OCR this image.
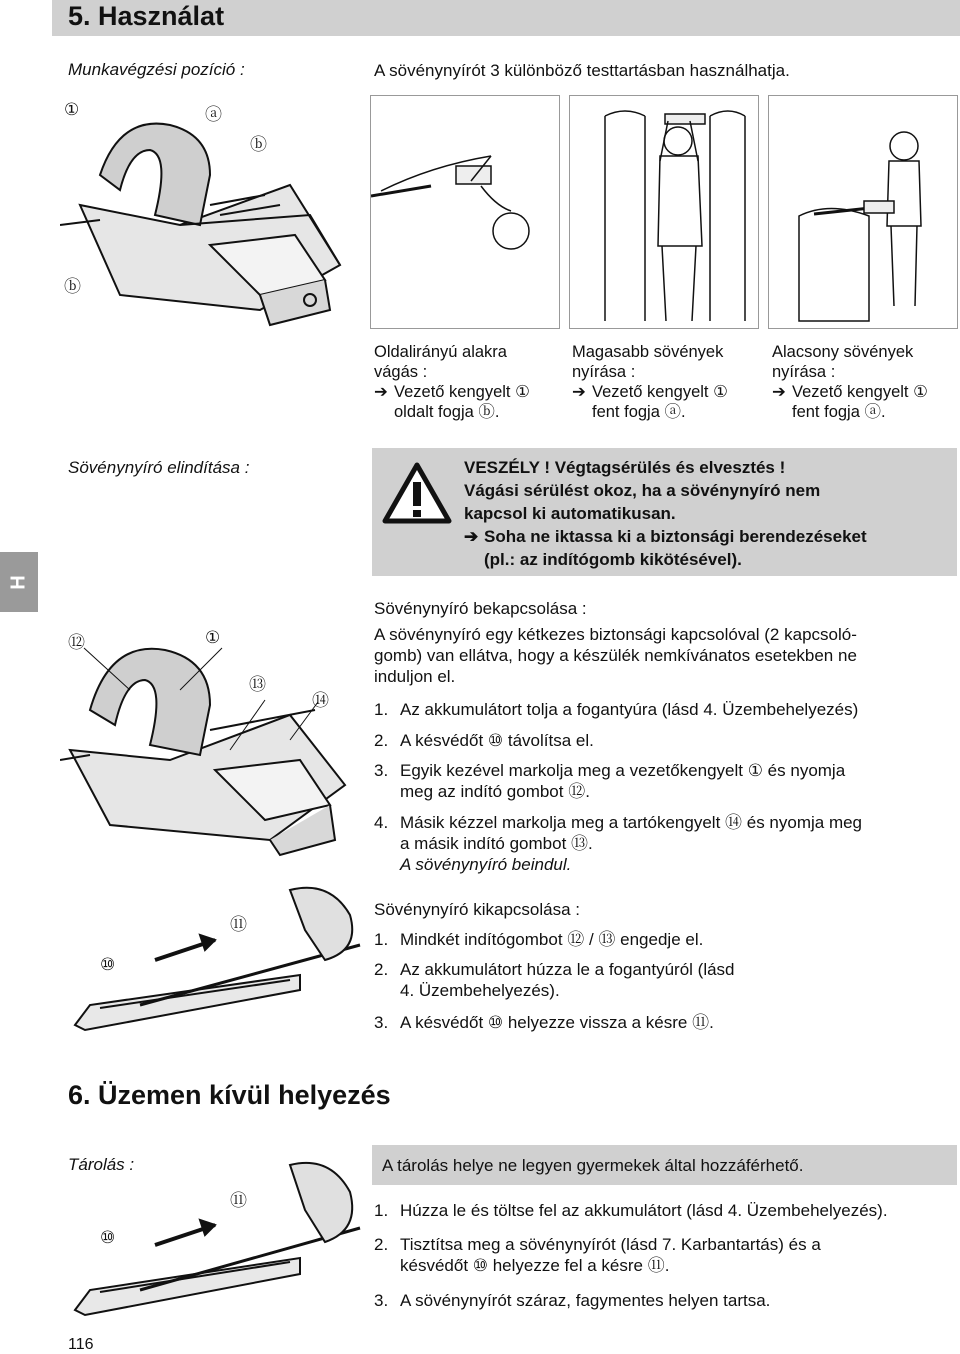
5. Használat
H
Munkavégzési pozíció :	A sövénynyírót 3 különböző testtartásban használhatja.
①	ⓐ
ⓑ
ⓑ
Oldalirányú alakra
vágás :
➔ Vezető kengyelt ①
oldalt fogja ⓑ.
Magasabb sövények
nyírása :
➔ Vezető kengyelt ①
fent fogja ⓐ.
Alacsony sövények
nyírása :
➔ Vezető kengyelt ①
fent fogja ⓐ.
Sövénynyíró elindítása :	VESZÉLY ! Végtagsérülés és elvesztés !
Vágási sérülést okoz, ha a sövénynyíró nem
kapcsol ki automatikusan.
➔ Soha ne iktassa ki a biztonsági berendezéseket
(pl.: az indítógomb kikötésével).
⑫	①
⑬
⑭
⑪
⑩
Sövénynyíró bekapcsolása :
A sövénynyíró egy kétkezes biztonsági kapcsolóval (2 kapcsoló-
gomb) van ellátva, hogy a készülék nemkívánatos esetekben ne
induljon el.
1. Az akkumulátort tolja a fogantyúra (lásd 4. Üzembehelyezés)
2. A késvédőt ⑩ távolítsa el.
3. Egyik kezével markolja meg a vezetőkengyelt ① és nyomja
meg az indító gombot ⑫.
4. Másik kézzel markolja meg a tartókengyelt ⑭ és nyomja meg
a másik indító gombot ⑬.
A sövénynyíró beindul.
Sövénynyíró kikapcsolása :
1. Mindkét indítógombot ⑫ / ⑬ engedje el.
2. Az akkumulátort húzza le a fogantyúról (lásd
4. Üzembehelyezés).
3. A késvédőt ⑩ helyezze vissza a késre ⑪.
6. Üzemen kívül helyezés
Tárolás :	A tárolás helye ne legyen gyermekek által hozzáférhető.
⑪
⑩
1. Húzza le és töltse fel az akkumulátort (lásd 4. Üzembehelyezés).
2. Tisztítsa meg a sövénynyírót (lásd 7. Karbantartás) és a
késvédőt ⑩ helyezze fel a késre ⑪.
3. A sövénynyírót száraz, fagymentes helyen tartsa.
116
